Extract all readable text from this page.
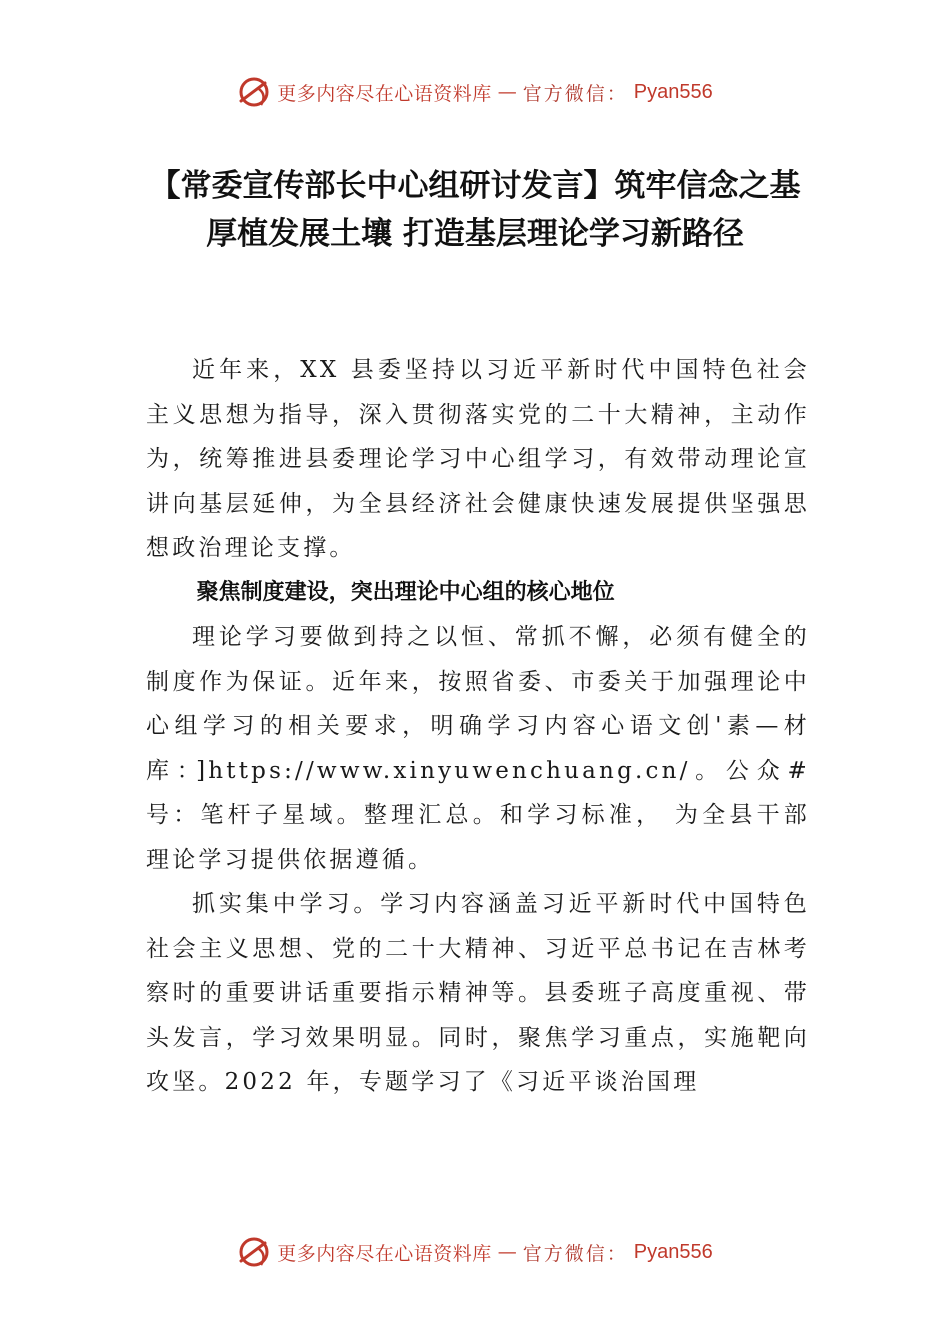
更多内容尽在心语资料库 — 官方微信： Pyan556
【常委宣传部长中心组研讨发言】筑牢信念之基 厚植发展土壤 打造基层理论学习新路径

近年来，XX 县委坚持以习近平新时代中国特色社会主义思想为指导，深入贯彻落实党的二十大精神，主动作为，统筹推进县委理论学习中心组学习，有效带动理论宣讲向基层延伸，为全县经济社会健康快速发展提供坚强思想政治理论支撑。

聚焦制度建设，突出理论中心组的核心地位

理论学习要做到持之以恒、常抓不懈，必须有健全的制度作为保证。近年来，按照省委、市委关于加强理论中心组学习的相关要求，明确学习内容心语文创'素—材库：]https://www.xinyuwenchuang.cn/。公众#号：笔杆子星域。整理汇总。和学习标准， 为全县干部理论学习提供依据遵循。

抓实集中学习。学习内容涵盖习近平新时代中国特色社会主义思想、党的二十大精神、习近平总书记在吉林考察时的重要讲话重要指示精神等。县委班子高度重视、带头发言，学习效果明显。同时，聚焦学习重点，实施靶向攻坚。2022 年，专题学习了《习近平谈治国理

更多内容尽在心语资料库 — 官方微信： Pyan556
